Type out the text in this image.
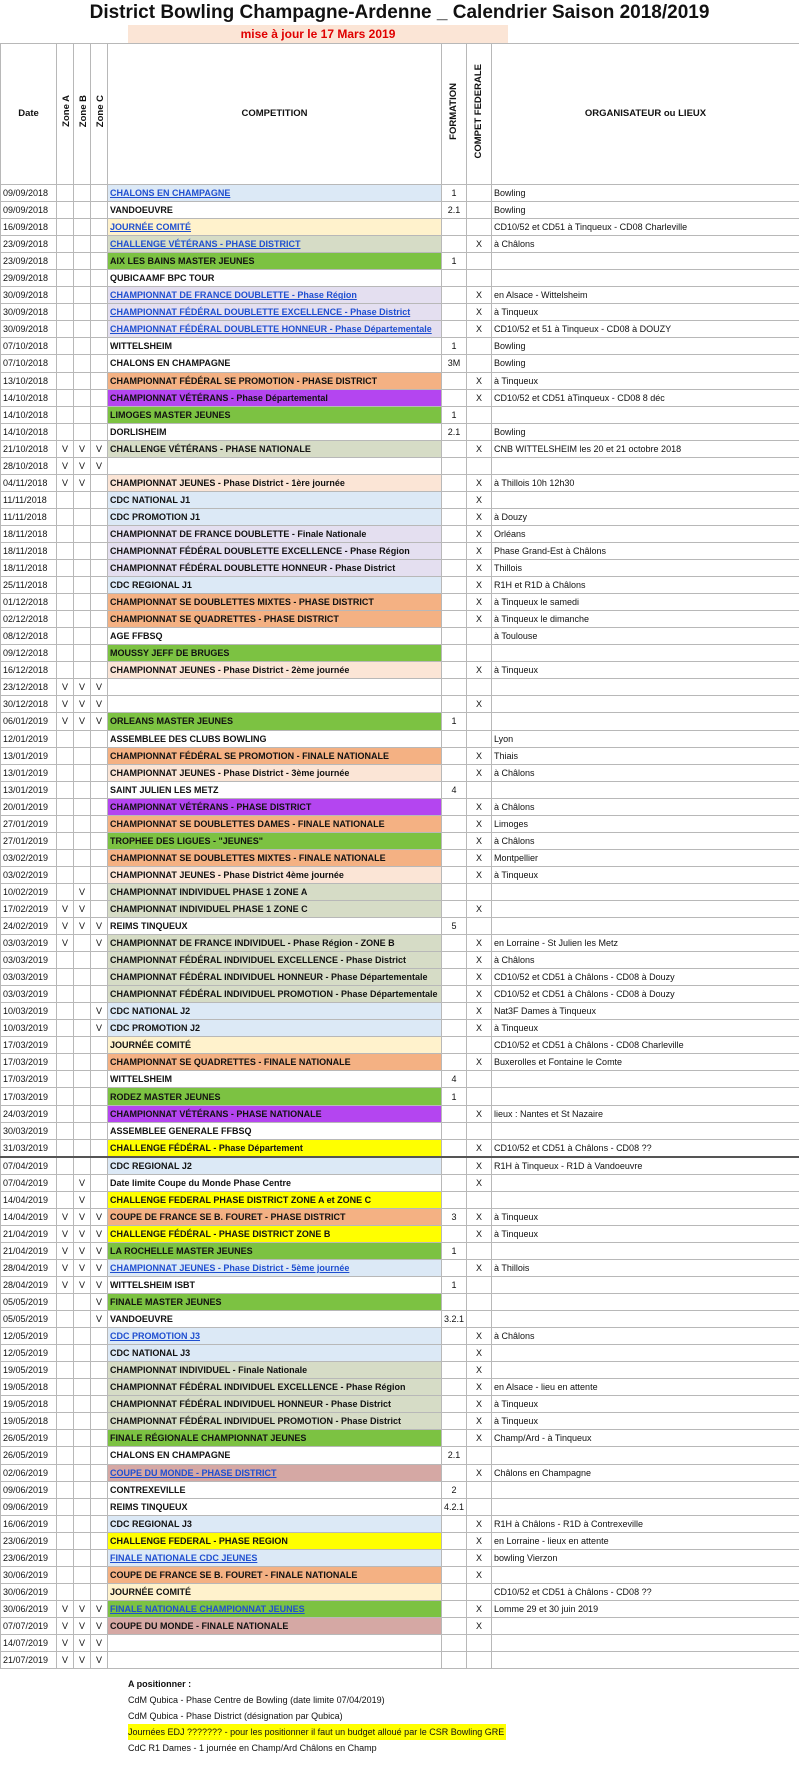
District Bowling Champagne-Ardenne _ Calendrier Saison 2018/2019
mise à jour le 17 Mars 2019
Date	Zone A	Zone B	Zone C	COMPETITION	FORMATION	COMPET FEDERALE	ORGANISATEUR ou LIEUX
09/09/2018				CHALONS EN CHAMPAGNE	1		Bowling
09/09/2018				VANDOEUVRE	2.1		Bowling
16/09/2018				JOURNÉE COMITÉ			CD10/52 et CD51 à Tinqueux - CD08 Charleville
23/09/2018				CHALLENGE VÉTÉRANS - PHASE DISTRICT		X	à Châlons
23/09/2018				AIX LES BAINS MASTER JEUNES	1		
29/09/2018				QUBICAAMF BPC TOUR			
30/09/2018				CHAMPIONNAT DE FRANCE DOUBLETTE - Phase Région		X	en Alsace - Wittelsheim
30/09/2018				CHAMPIONNAT FÉDÉRAL DOUBLETTE EXCELLENCE - Phase District		X	à Tinqueux
30/09/2018				CHAMPIONNAT FÉDÉRAL DOUBLETTE HONNEUR - Phase Départementale		X	CD10/52 et 51 à Tinqueux - CD08 à DOUZY
07/10/2018				WITTELSHEIM	1		Bowling
07/10/2018				CHALONS EN CHAMPAGNE	3M		Bowling
13/10/2018				CHAMPIONNAT FÉDÉRAL SE PROMOTION - PHASE DISTRICT		X	à Tinqueux
14/10/2018				CHAMPIONNAT VÉTÉRANS - Phase Départemental		X	CD10/52 et CD51 àTinqueux - CD08 8 déc
14/10/2018				LIMOGES MASTER JEUNES	1		
14/10/2018				DORLISHEIM	2.1		Bowling
21/10/2018	V	V	V	CHALLENGE VÉTÉRANS - PHASE NATIONALE		X	CNB WITTELSHEIM les 20 et 21 octobre 2018
28/10/2018	V	V	V				
04/11/2018	V	V		CHAMPIONNAT JEUNES - Phase District - 1ère journée		X	à Thillois 10h 12h30
11/11/2018				CDC NATIONAL J1		X	
11/11/2018				CDC PROMOTION J1		X	à Douzy
18/11/2018				CHAMPIONNAT DE FRANCE DOUBLETTE - Finale Nationale		X	Orléans
18/11/2018				CHAMPIONNAT FÉDÉRAL DOUBLETTE EXCELLENCE - Phase Région		X	Phase Grand-Est à Châlons
18/11/2018				CHAMPIONNAT FÉDÉRAL DOUBLETTE HONNEUR - Phase District		X	Thillois
25/11/2018				CDC REGIONAL J1		X	R1H et R1D à Châlons
01/12/2018				CHAMPIONNAT SE DOUBLETTES MIXTES - PHASE DISTRICT		X	à Tinqueux le samedi
02/12/2018				CHAMPIONNAT SE QUADRETTES - PHASE DISTRICT		X	à Tinqueux le dimanche
08/12/2018				AGE FFBSQ			à Toulouse
09/12/2018				MOUSSY JEFF DE BRUGES			
16/12/2018				CHAMPIONNAT JEUNES - Phase District - 2ème journée		X	à Tinqueux
23/12/2018	V	V	V				
30/12/2018	V	V	V			X	
06/01/2019	V	V	V	ORLEANS MASTER JEUNES	1		
12/01/2019				ASSEMBLEE DES CLUBS BOWLING			Lyon
13/01/2019				CHAMPIONNAT FÉDÉRAL SE PROMOTION - FINALE NATIONALE		X	Thiais
13/01/2019				CHAMPIONNAT JEUNES - Phase District - 3ème journée		X	à Châlons
13/01/2019				SAINT JULIEN LES METZ	4		
20/01/2019				CHAMPIONNAT VÉTÉRANS - PHASE DISTRICT		X	à Châlons
27/01/2019				CHAMPIONNAT SE DOUBLETTES DAMES - FINALE NATIONALE		X	Limoges
27/01/2019				TROPHEE DES LIGUES - "JEUNES"		X	à Châlons
03/02/2019				CHAMPIONNAT SE DOUBLETTES MIXTES - FINALE NATIONALE		X	Montpellier
03/02/2019				CHAMPIONNAT JEUNES - Phase District 4ème journée		X	à Tinqueux
10/02/2019		V		CHAMPIONNAT INDIVIDUEL PHASE 1 ZONE A			
17/02/2019	V	V		CHAMPIONNAT INDIVIDUEL PHASE 1 ZONE C		X	
24/02/2019	V	V	V	REIMS TINQUEUX	5		
03/03/2019	V		V	CHAMPIONNAT DE FRANCE INDIVIDUEL - Phase Région - ZONE B		X	en Lorraine - St Julien les Metz
03/03/2019				CHAMPIONNAT FÉDÉRAL INDIVIDUEL EXCELLENCE - Phase District		X	à Châlons
03/03/2019				CHAMPIONNAT FÉDÉRAL INDIVIDUEL HONNEUR - Phase Départementale		X	CD10/52 et CD51 à Châlons - CD08 à Douzy
03/03/2019				CHAMPIONNAT FÉDÉRAL INDIVIDUEL PROMOTION - Phase Départementale		X	CD10/52 et CD51 à Châlons - CD08 à Douzy
10/03/2019			V	CDC NATIONAL J2		X	Nat3F Dames à Tinqueux
10/03/2019			V	CDC PROMOTION J2		X	à Tinqueux
17/03/2019				JOURNÉE COMITÉ			CD10/52 et CD51 à Châlons - CD08 Charleville
17/03/2019				CHAMPIONNAT SE QUADRETTES - FINALE NATIONALE		X	Buxerolles et Fontaine le Comte
17/03/2019				WITTELSHEIM	4		
17/03/2019				RODEZ MASTER JEUNES	1		
24/03/2019				CHAMPIONNAT VÉTÉRANS - PHASE NATIONALE		X	lieux : Nantes et St Nazaire
30/03/2019				ASSEMBLEE GENERALE FFBSQ			
31/03/2019				CHALLENGE FÉDÉRAL - Phase Département		X	CD10/52 et CD51 à Châlons - CD08 ??
07/04/2019				CDC REGIONAL J2		X	R1H à Tinqueux - R1D à Vandoeuvre
07/04/2019		V		Date limite Coupe du Monde Phase Centre		X	
14/04/2019		V		CHALLENGE FEDERAL PHASE DISTRICT ZONE A et ZONE C			
14/04/2019	V	V	V	COUPE DE FRANCE SE B. FOURET - PHASE DISTRICT	3	X	à Tinqueux
21/04/2019	V	V	V	CHALLENGE FÉDÉRAL - PHASE DISTRICT ZONE B		X	à Tinqueux
21/04/2019	V	V	V	LA ROCHELLE MASTER JEUNES	1		
28/04/2019	V	V	V	CHAMPIONNAT JEUNES - Phase District - 5ème journée		X	à Thillois
28/04/2019	V	V	V	WITTELSHEIM ISBT	1		
05/05/2019			V	FINALE MASTER JEUNES			
05/05/2019			V	VANDOEUVRE	3.2.1		
12/05/2019				CDC PROMOTION J3		X	à Châlons
12/05/2019				CDC NATIONAL J3		X	
19/05/2019				CHAMPIONNAT INDIVIDUEL - Finale Nationale		X	
19/05/2018				CHAMPIONNAT FÉDÉRAL INDIVIDUEL EXCELLENCE - Phase Région		X	en Alsace - lieu en attente
19/05/2018				CHAMPIONNAT FÉDÉRAL INDIVIDUEL HONNEUR - Phase District		X	à Tinqueux
19/05/2018				CHAMPIONNAT FÉDÉRAL INDIVIDUEL PROMOTION - Phase District		X	à Tinqueux
26/05/2019				FINALE RÉGIONALE CHAMPIONNAT JEUNES		X	Champ/Ard - à Tinqueux
26/05/2019				CHALONS EN CHAMPAGNE	2.1		
02/06/2019				COUPE DU MONDE - PHASE DISTRICT		X	Châlons en Champagne
09/06/2019				CONTREXEVILLE	2		
09/06/2019				REIMS TINQUEUX	4.2.1		
16/06/2019				CDC REGIONAL J3		X	R1H à Châlons - R1D à Contrexeville
23/06/2019				CHALLENGE FEDERAL - PHASE REGION		X	en Lorraine - lieux en attente
23/06/2019				FINALE NATIONALE CDC JEUNES		X	bowling Vierzon
30/06/2019				COUPE DE FRANCE SE B. FOURET - FINALE NATIONALE		X	
30/06/2019				JOURNÉE COMITÉ			CD10/52 et CD51 à Châlons - CD08 ??
30/06/2019	V	V	V	FINALE NATIONALE CHAMPIONNAT JEUNES		X	Lomme 29 et 30 juin 2019
07/07/2019	V	V	V	COUPE DU MONDE - FINALE NATIONALE		X	
14/07/2019	V	V	V				
21/07/2019	V	V	V				
A positionner :
CdM Qubica - Phase Centre de Bowling (date limite 07/04/2019)
CdM Qubica - Phase District (désignation par Qubica)
Journées EDJ ??????? - pour les positionner il faut un budget alloué par le CSR Bowling GRE
CdC R1 Dames - 1 journée en Champ/Ard Châlons en Champ
